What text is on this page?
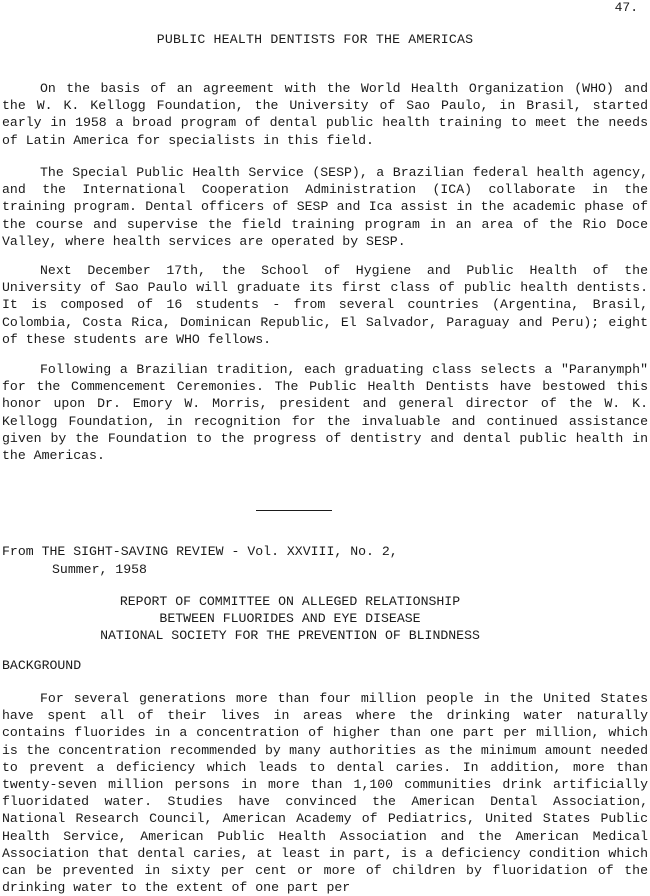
47.
PUBLIC HEALTH DENTISTS FOR THE AMERICAS
On the basis of an agreement with the World Health Organization (WHO) and the W. K. Kellogg Foundation, the University of Sao Paulo, in Brasil, started early in 1958 a broad program of dental public health training to meet the needs of Latin America for specialists in this field.
The Special Public Health Service (SESP), a Brazilian federal health agency, and the International Cooperation Administration (ICA) collaborate in the training program. Dental officers of SESP and Ica assist in the academic phase of the course and supervise the field training program in an area of the Rio Doce Valley, where health services are operated by SESP.
Next December 17th, the School of Hygiene and Public Health of the University of Sao Paulo will graduate its first class of public health dentists. It is composed of 16 students - from several countries (Argentina, Brasil, Colombia, Costa Rica, Dominican Republic, El Salvador, Paraguay and Peru); eight of these students are WHO fellows.
Following a Brazilian tradition, each graduating class selects a "Paranymph" for the Commencement Ceremonies. The Public Health Dentists have bestowed this honor upon Dr. Emory W. Morris, president and general director of the W. K. Kellogg Foundation, in recognition for the invaluable and continued assistance given by the Foundation to the progress of dentistry and dental public health in the Americas.
From THE SIGHT-SAVING REVIEW - Vol. XXVIII, No. 2,
Summer, 1958
REPORT OF COMMITTEE ON ALLEGED RELATIONSHIP
BETWEEN FLUORIDES AND EYE DISEASE
NATIONAL SOCIETY FOR THE PREVENTION OF BLINDNESS
BACKGROUND
For several generations more than four million people in the United States have spent all of their lives in areas where the drinking water naturally contains fluorides in a concentration of higher than one part per million, which is the concentration recommended by many authorities as the minimum amount needed to prevent a deficiency which leads to dental caries. In addition, more than twenty-seven million persons in more than 1,100 communities drink artificially fluoridated water. Studies have convinced the American Dental Association, National Research Council, American Academy of Pediatrics, United States Public Health Service, American Public Health Association and the American Medical Association that dental caries, at least in part, is a deficiency condition which can be prevented in sixty per cent or more of children by fluoridation of the drinking water to the extent of one part per
